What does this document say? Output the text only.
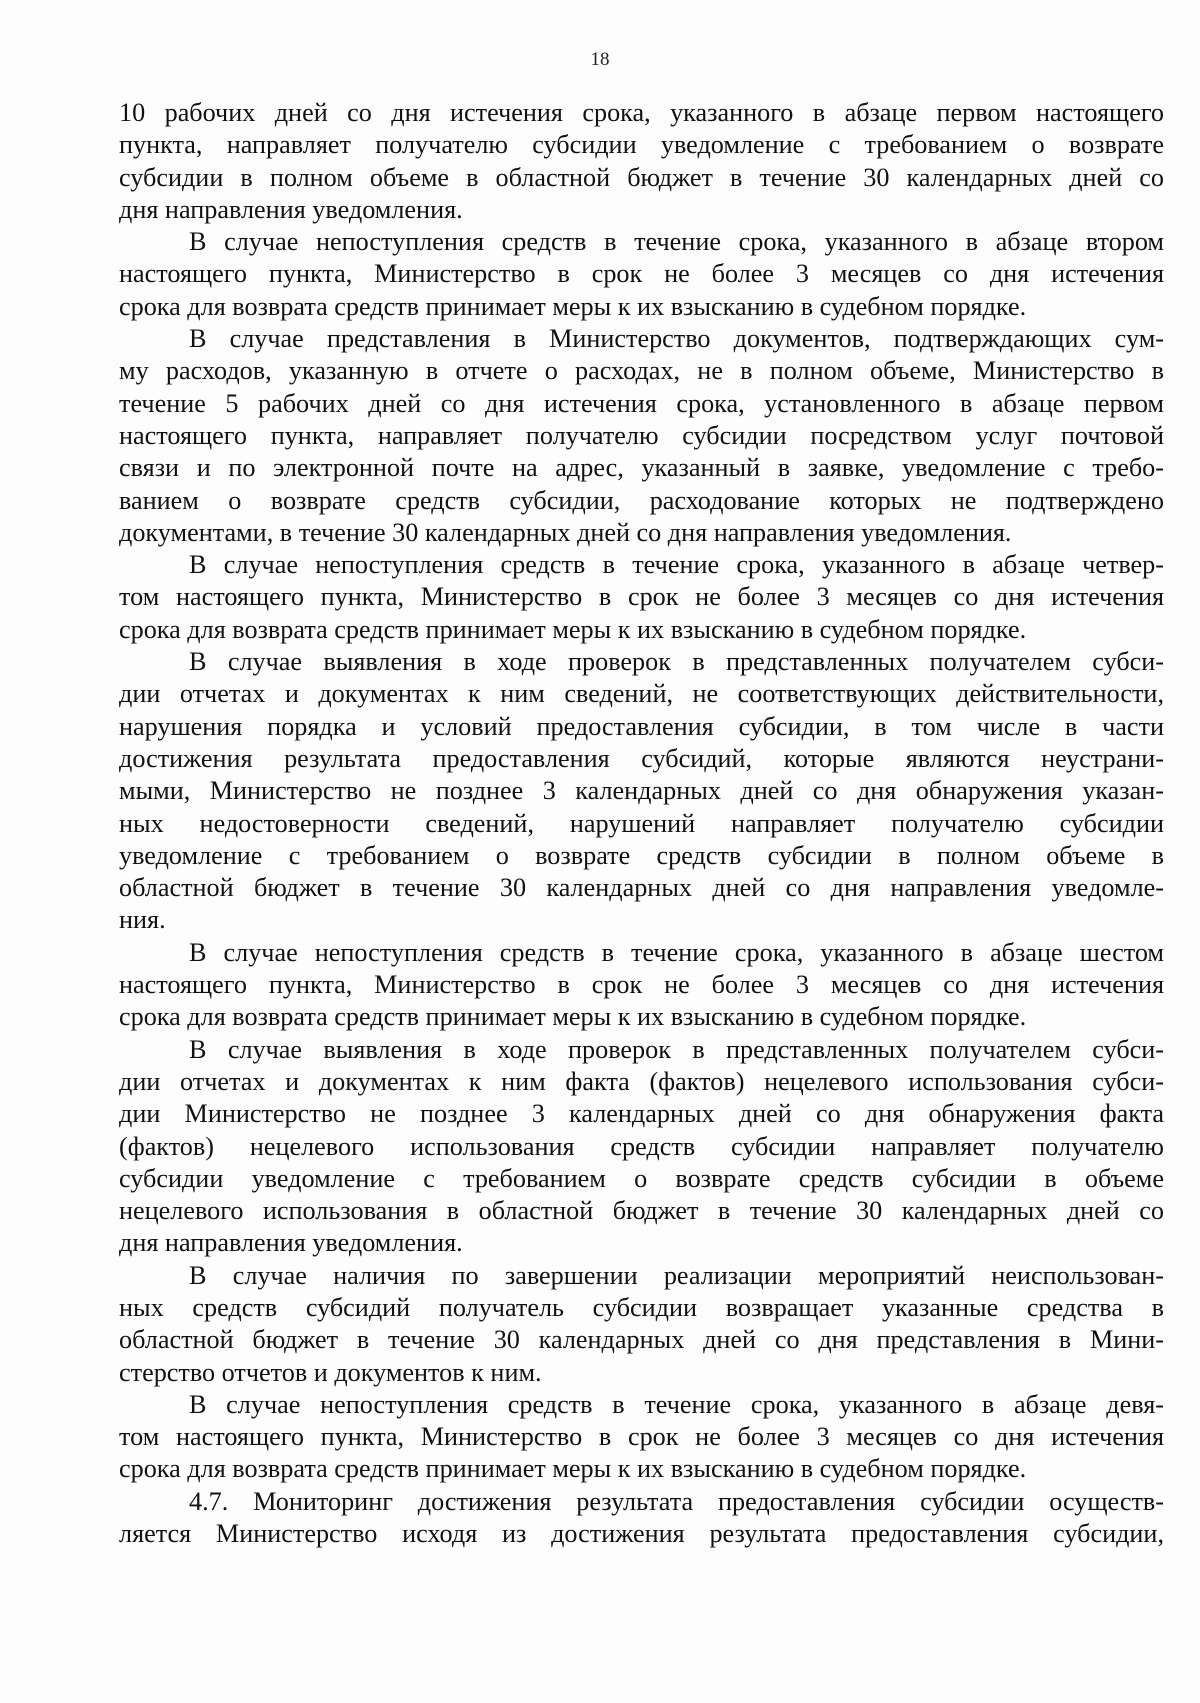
18
10 рабочих дней со дня истечения срока, указанного в абзаце первом настоящего
пункта, направляет получателю субсидии уведомление с требованием о возврате
субсидии в полном объеме в областной бюджет в течение 30 календарных дней со
дня направления уведомления.
В случае непоступления средств в течение срока, указанного в абзаце втором
настоящего пункта, Министерство в срок не более 3 месяцев со дня истечения
срока для возврата средств принимает меры к их взысканию в судебном порядке.
В случае представления в Министерство документов, подтверждающих сум-
му расходов, указанную в отчете о расходах, не в полном объеме, Министерство в
течение 5 рабочих дней со дня истечения срока, установленного в абзаце первом
настоящего пункта, направляет получателю субсидии посредством услуг почтовой
связи и по электронной почте на адрес, указанный в заявке, уведомление с требо-
ванием о возврате средств субсидии, расходование которых не подтверждено
документами, в течение 30 календарных дней со дня направления уведомления.
В случае непоступления средств в течение срока, указанного в абзаце четвер-
том настоящего пункта, Министерство в срок не более 3 месяцев со дня истечения
срока для возврата средств принимает меры к их взысканию в судебном порядке.
В случае выявления в ходе проверок в представленных получателем субси-
дии отчетах и документах к ним сведений, не соответствующих действительности,
нарушения порядка и условий предоставления субсидии, в том числе в части
достижения результата предоставления субсидий, которые являются неустрани-
мыми, Министерство не позднее 3 календарных дней со дня обнаружения указан-
ных недостоверности сведений, нарушений направляет получателю субсидии
уведомление с требованием о возврате средств субсидии в полном объеме в
областной бюджет в течение 30 календарных дней со дня направления уведомле-
ния.
В случае непоступления средств в течение срока, указанного в абзаце шестом
настоящего пункта, Министерство в срок не более 3 месяцев со дня истечения
срока для возврата средств принимает меры к их взысканию в судебном порядке.
В случае выявления в ходе проверок в представленных получателем субси-
дии отчетах и документах к ним факта (фактов) нецелевого использования субси-
дии Министерство не позднее 3 календарных дней со дня обнаружения факта
(фактов) нецелевого использования средств субсидии направляет получателю
субсидии уведомление с требованием о возврате средств субсидии в объеме
нецелевого использования в областной бюджет в течение 30 календарных дней со
дня направления уведомления.
В случае наличия по завершении реализации мероприятий неиспользован-
ных средств субсидий получатель субсидии возвращает указанные средства в
областной бюджет в течение 30 календарных дней со дня представления в Мини-
стерство отчетов и документов к ним.
В случае непоступления средств в течение срока, указанного в абзаце девя-
том настоящего пункта, Министерство в срок не более 3 месяцев со дня истечения
срока для возврата средств принимает меры к их взысканию в судебном порядке.
4.7. Мониторинг достижения результата предоставления субсидии осуществ-
ляется Министерство исходя из достижения результата предоставления субсидии,
